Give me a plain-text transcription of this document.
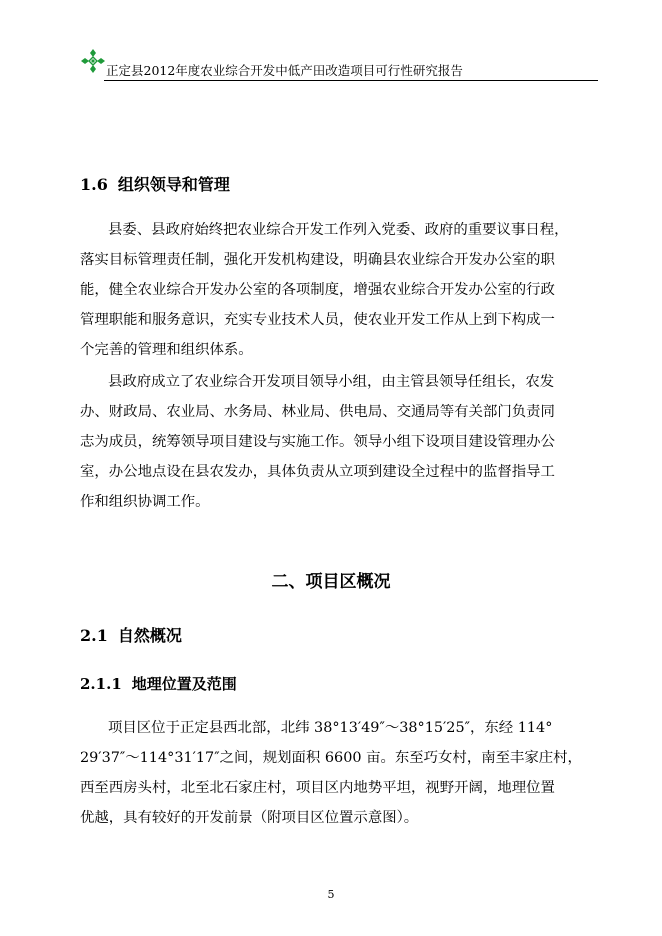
正定县2012年度农业综合开发中低产田改造项目可行性研究报告
1.6 组织领导和管理
县委、县政府始终把农业综合开发工作列入党委、政府的重要议事日程，
落实目标管理责任制，强化开发机构建设，明确县农业综合开发办公室的职
能，健全农业综合开发办公室的各项制度，增强农业综合开发办公室的行政
管理职能和服务意识，充实专业技术人员，使农业开发工作从上到下构成一
个完善的管理和组织体系。
县政府成立了农业综合开发项目领导小组，由主管县领导任组长，农发
办、财政局、农业局、水务局、林业局、供电局、交通局等有关部门负责同
志为成员，统筹领导项目建设与实施工作。领导小组下设项目建设管理办公
室，办公地点设在县农发办，具体负责从立项到建设全过程中的监督指导工
作和组织协调工作。
二、项目区概况
2.1 自然概况
2.1.1 地理位置及范围
项目区位于正定县西北部，北纬 38°13′49″～38°15′25″，东经 114°
29′37″～114°31′17″之间，规划面积 6600 亩。东至巧女村，南至丰家庄村，
西至西房头村，北至北石家庄村，项目区内地势平坦，视野开阔，地理位置
优越，具有较好的开发前景（附项目区位置示意图）。
5
